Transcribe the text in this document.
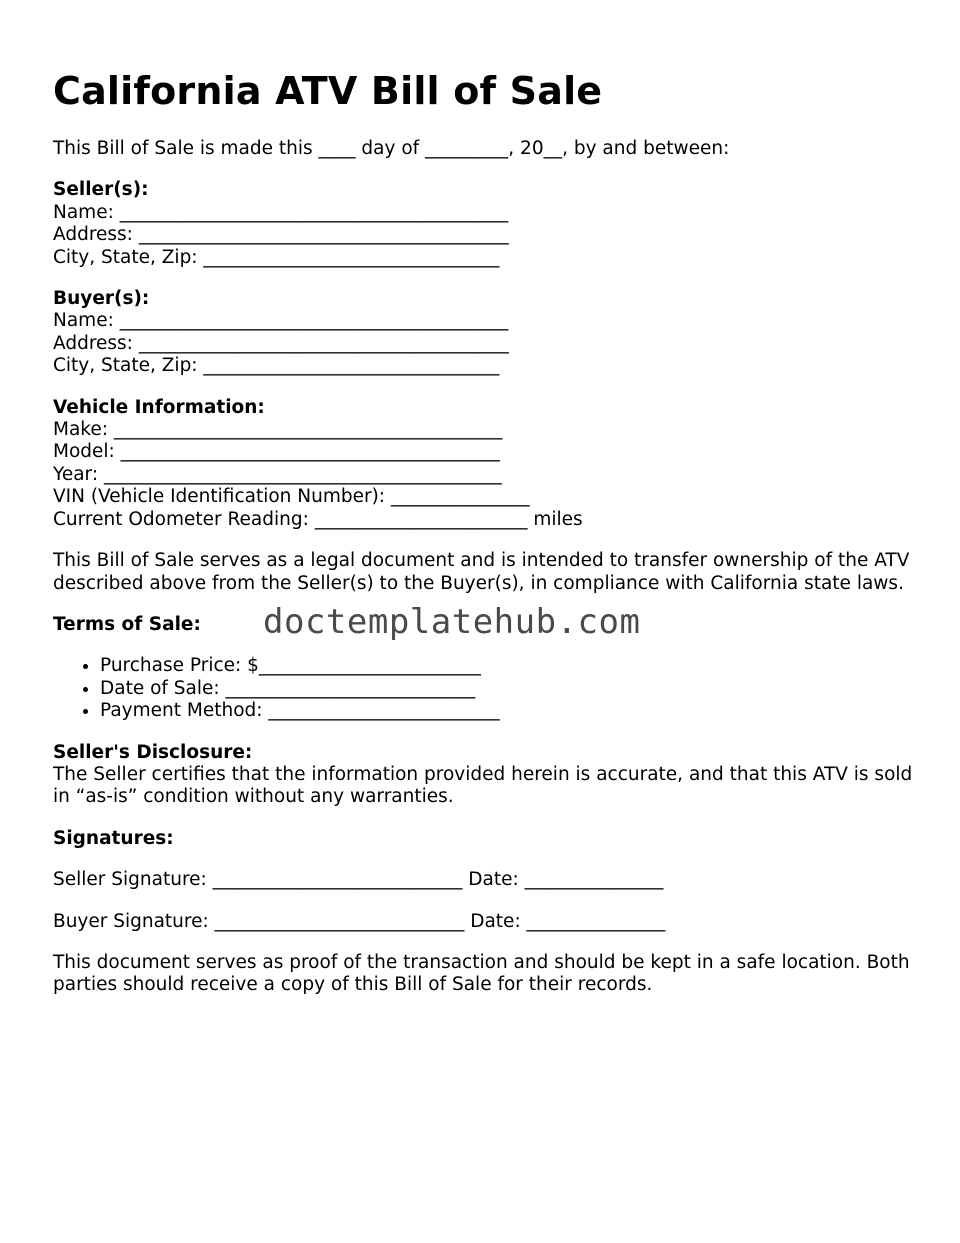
California ATV Bill of Sale

This Bill of Sale is made this ____ day of _________, 20__, by and between:

Seller(s):

Name: __________________________________________

Address: ________________________________________

City, State, Zip: ________________________________

Buyer(s):

Name: __________________________________________

Address: ________________________________________

City, State, Zip: ________________________________

Vehicle Information:

Make: __________________________________________

Model: _________________________________________

Year: ___________________________________________

VIN (Vehicle Identification Number): _______________

Current Odometer Reading: _______________________ miles

This Bill of Sale serves as a legal document and is intended to transfer ownership of the ATV described above from the Seller(s) to the Buyer(s), in compliance with California state laws.

Terms of Sale:

• Purchase Price: $________________________
• Date of Sale: ___________________________
• Payment Method: _________________________

Seller's Disclosure:

The Seller certifies that the information provided herein is accurate, and that this ATV is sold in “as-is” condition without any warranties.

Signatures:

Seller Signature: ___________________________ Date: _______________

Buyer Signature: ___________________________ Date: _______________

This document serves as proof of the transaction and should be kept in a safe location. Both parties should receive a copy of this Bill of Sale for their records.

doctemplatehub.com
